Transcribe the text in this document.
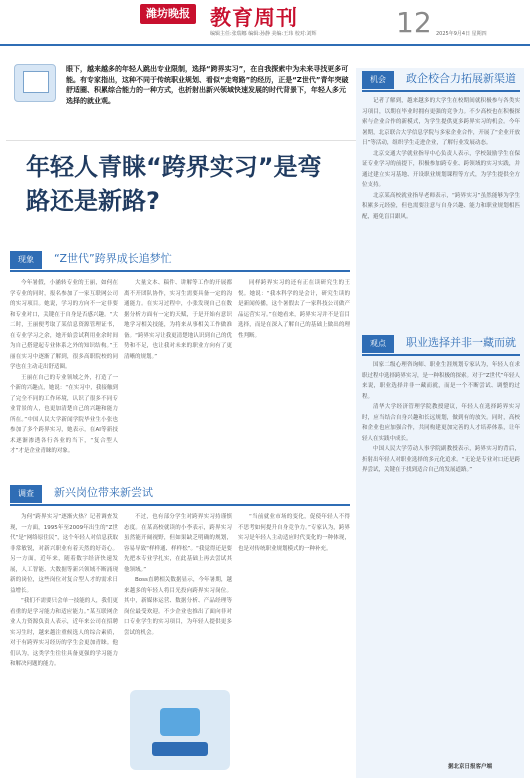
潍坊晚报 教育周刊
编辑主任:张瑞娜 编辑:孙静 美编:王玮 校对:刘辉	12 2025年9月4日 星期四
眼下，越来越多的年轻人跳出专业限制，选择“跨界实习”，在自我探索中为未来寻找更多可能。有专家指出，这种不同于传统职业规划、看似“走弯路”的经历，正是“Z世代”青年突破舒适圈、积累综合能力的一种方式，也折射出新兴领域快速发展的时代背景下，年轻人多元选择的就业观。
年轻人青睐“跨界实习”是弯路还是新路?
现象 “Z世代”跨界成长追梦忙

今年暑假，小涵转专业的王丽，如何在学专业的同时，报名参加了一家互联网公司的实习项目。她说，学习的方向不一定非要和专业对口，关键在于自身是否感兴趣。“大二时，王丽便考取了某信息资源管理证书，在专业学习之余，她开始尝试利用业余时间为自己搭建起专业体系之外的知识结构。”王丽在实习中逐渐了解到，很多高职院校的同学也在主动走出舒适圈。

王丽在自己的专业领域之外，打造了一个新的兴趣点，她说：“在实习中，我接触到了完全不同的工作环境，认识了很多不同专业背景的人，也更加清楚自己的兴趣和能力所在。”中国人民大学新闻学院毕业生小张也参加了多个跨界实习，她表示，在AI等新技术逐渐渗透各行各业的当下，“复合型人才”才是企业青睐的对象。

大量文本、稿件、讲解等工作的开展都离不开团队协作，实习生需要具备一定的沟通能力。在实习过程中，小张发现自己在数据分析方面有一定的天赋，于是开始有意识地学习相关技能，为将来从事相关工作做准备。“跨界实习让我更清楚地认识到自己的优势和不足，也让我对未来的职业方向有了更清晰的规划。”

同样跨界实习的还有正在读研究生的王悦。她说：“我本科学的是会计，研究生读的是新闻传播，这个暑假去了一家科技公司做产品运营实习。”在她看来，跨界实习并不是盲目选择，而是在深入了解自己的基础上做出的理性判断。

调查 新兴岗位带来新尝试

为何“跨界实习”逐渐火热？记者调查发现，一方面，1995年至2009年出生的“Z世代”是“网络原住民”，这个年轻人对信息获取非常敏锐，对新兴职业有着天然的好奇心。另一方面，近年来，随着数字经济快速发展，人工智能、大数据等新兴领域不断涌现新的岗位，这些岗位对复合型人才的需求日益增长。

“我们不需要只会单一技能的人，我们更看重的是学习能力和适应能力。”某互联网企业人力资源负责人表示，近年来公司在招聘实习生时，越来越注重候选人的综合素质，对于有跨界实习经历的学生会更加青睐。他们认为，这类学生往往具备更强的学习能力和解决问题的能力。

不过，也有部分学生对跨界实习持谨慎态度。在某高校就读的小李表示，跨界实习虽然能开阔视野，但如果缺乏明确的规划，容易导致“样样通、样样松”。“我觉得还是要先把本专业学扎实，在此基础上再去尝试其他领域。”

Boss直聘相关数据显示，今年暑期，越来越多的年轻人将目光投向跨界实习岗位。其中，新媒体运营、数据分析、产品经理等岗位最受欢迎。不少企业也推出了面向非对口专业学生的实习项目，为年轻人提供更多尝试的机会。

“当前就业市场的变化，促使年轻人不得不思考如何提升自身竞争力。”专家认为，跨界实习是年轻人主动适应时代变化的一种体现，也是对传统职业规划模式的一种补充。

机会 政企校合力拓展新渠道

记者了解到，越来越多的大学生在校期间就积极参与各类实习项目，以期在毕业时拥有更强的竞争力。不少高校也在积极探索与企业合作的新模式，为学生提供更多跨界实习的机会。今年暑期，北京联合大学信息学院与多家企业合作，开展了“企业开放日”等活动，组织学生走进企业，了解行业发展动态。

北京交通大学就业指导中心负责人表示，学校鼓励学生在保证专业学习的前提下，积极参加跨专业、跨领域的实习实践，并通过建立实习基地、开设职业规划课程等方式，为学生提供全方位支持。

北京某高校就业指导老师表示，“跨界实习”虽然能够为学生积累多元经验，但也需要注意与自身兴趣、能力和职业规划相匹配，避免盲目跟风。

观点 职业选择并非一藏而就

国家二级心理咨询师、职业生涯规划专家认为，年轻人在求职过程中选择跨界实习，是一种积极的探索。对于“Z世代”年轻人来说，职业选择并非一藏而就，而是一个不断尝试、调整的过程。

清华大学经济管理学院教授建议，年轻人在选择跨界实习时，应当结合自身兴趣和长远规划，做到有的放矢。同时，高校和企业也应加强合作，共同构建更加完善的人才培养体系，让年轻人在实践中成长。

中国人民大学劳动人事学院副教授表示，跨界实习的背后，折射出年轻人对职业选择的多元化追求。“无论是专业对口还是跨界尝试，关键在于找到适合自己的发展道路。”

据北京日报客户端
